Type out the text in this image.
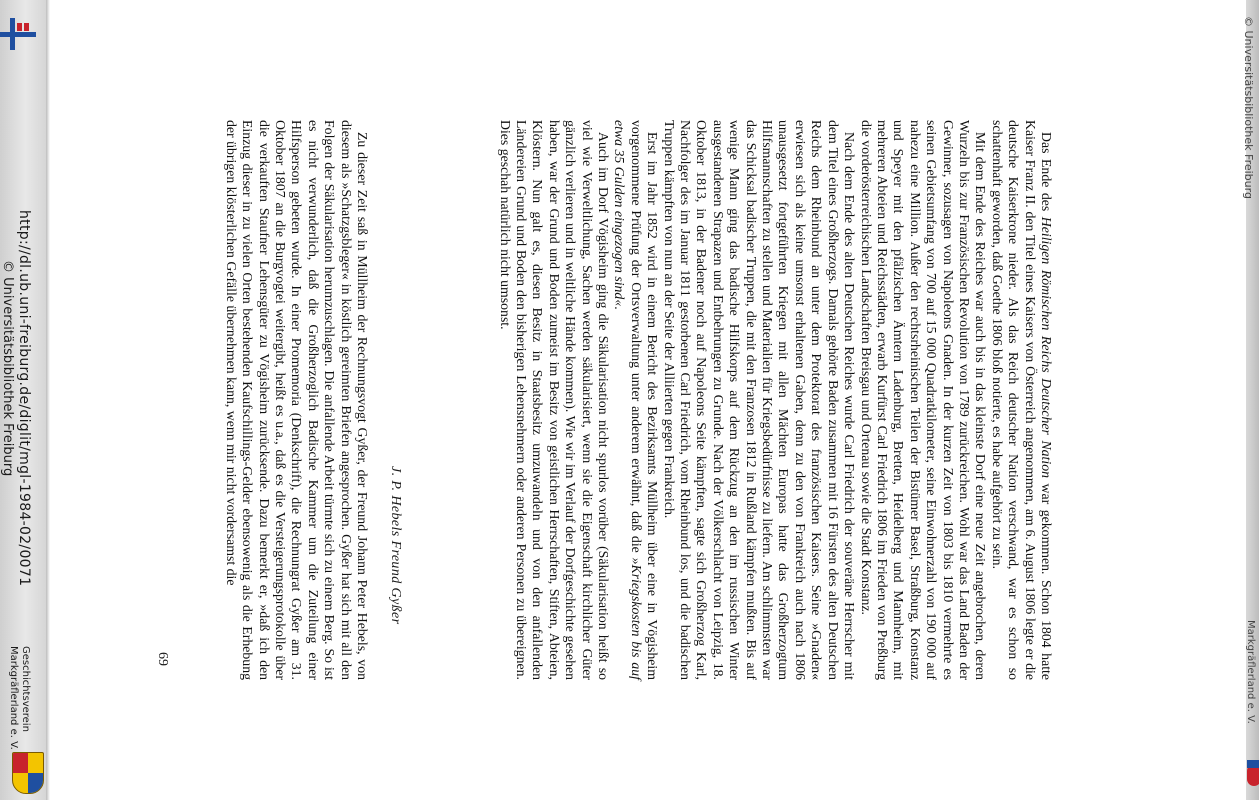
http://dl.ub.uni-freiburg.de/diglit/mgl-1984-02/0071
© Universitätsbibliothek Freiburg
Geschichtsverein
Markgräflerland e. V.
© Universitätsbibliothek Freiburg
Markgräflerland e. V.

Das Ende des Heiligen Römischen Reichs Deutscher Nation war gekommen. Schon 1804 hatte Kaiser Franz II. den Titel eines Kaisers von Österreich angenommen, am 6. August 1806 legte er die deutsche Kaiserkrone nieder. Als das Reich deutscher Nation verschwand, war es schon so schattenhaft geworden, daß Goethe 1806 bloß notierte, es habe aufgehört zu sein.

Mit dem Ende des Reiches war auch bis in das kleinste Dorf eine neue Zeit angebrochen, deren Wurzeln bis zur Französischen Revolution von 1789 zurückreichen. Wohl war das Land Baden der Gewinner, sozusagen von Napoleons Gnaden. In der kurzen Zeit von 1803 bis 1810 vermehrte es seinen Gebietsumfang von 700 auf 15 000 Quadratkilometer, seine Einwohnerzahl von 190 000 auf nahezu eine Million. Außer den rechtsrheinischen Teilen der Bistümer Basel, Straßburg, Konstanz und Speyer mit den pfälzischen Ämtern Ladenburg, Bretten, Heidelberg und Mannheim, mit mehreren Abteien und Reichsstädten, erwarb Kurfürst Carl Friedrich 1806 im Frieden von Preßburg die vorderösterreichischen Landschaften Breisgau und Ortenau sowie die Stadt Konstanz.

Nach dem Ende des alten Deutschen Reiches wurde Carl Friedrich der souveräne Herrscher mit dem Titel eines Großherzogs. Damals gehörte Baden zusammen mit 16 Fürsten des alten Deutschen Reichs dem Rheinbund an unter dem Protektorat des französischen Kaisers. Seine »Gnaden« erwiesen sich als keine umsonst erhaltenen Gaben, denn zu den von Frankreich auch nach 1806 unausgesetzt fortgeführten Kriegen mit allen Mächten Europas hatte das Großherzogtum Hilfsmannschaften zu stellen und Materialien für Kriegsbedürfnisse zu liefern. Am schlimmsten war das Schicksal badischer Truppen, die mit den Franzosen 1812 in Rußland kämpfen mußten. Bis auf wenige Mann ging das badische Hilfskorps auf dem Rückzug an den im russischen Winter ausgestandenen Strapazen und Entbehrungen zu Grunde. Nach der Völkerschlacht von Leipzig, 18. Oktober 1813, in der Badener noch auf Napoleons Seite kämpften, sagte sich Großherzog Karl, Nachfolger des im Januar 1811 gestorbenen Carl Friedrich, vom Rheinbund los, und die badischen Truppen kämpften von nun an der Seite der Alliierten gegen Frankreich.

Erst im Jahr 1852 wird in einem Bericht des Bezirksamts Müllheim über eine in Vögisheim vorgenommene Prüfung der Ortsverwaltung unter anderem erwähnt, daß die »Kriegskosten bis auf etwa 35 Gulden eingezogen sind«.

Auch im Dorf Vögisheim ging die Säkularisation nicht spurlos vorüber (Säkularisation heißt so viel wie Verweltlichung, Sachen werden säkularisiert, wenn sie die Eigenschaft kirchlicher Güter gänzlich verlieren und in weltliche Hände kommen). Wie wir im Verlauf der Dorfgeschichte gesehen haben, war der Grund und Boden zumeist im Besitz von geistlichen Herrschaften, Stiften, Abteien, Klöstern. Nun galt es, diesen Besitz in Staatsbesitz umzuwandeln und von den anfallenden Ländereien Grund und Boden den bisherigen Lehensnehmern oder anderen Personen zu übereignen. Dies geschah natürlich nicht umsonst.

J. P. Hebels Freund Gyßer

Zu dieser Zeit saß in Müllheim der Rechnungsvogt Gyßer, der Freund Johann Peter Hebels, von diesem als »Schatzgsbleger« in köstlich gereimten Briefen angesprochen. Gyßer hat sich mit all den Folgen der Säkularisation herumzuschlagen. Die anfallende Arbeit türmte sich zu einem Berg. So ist es nicht verwunderlich, daß die Großherzoglich Badische Kammer um die Zuteilung einer Hilfsperson gebeten wurde. In einer Promemoria (Denkschrift), die Rechnungrat Gyßer am 31. Oktober 1807 an die Burgvogtei weitergibt, heißt es u.a., daß es die Versteigerungsprotokolle über die verkauften Staufner Lehensgüter zu Vögisheim zurücksende. Dazu bemerkt er, »daß ich den Einzug dieser in zu vielen Orten bestehenden Kaufschillings-Gelder ebensowenig als die Erhebung der übrigen klösterlichen Gefälle übernehmen kann, wenn mir nicht vordersamst die

69
